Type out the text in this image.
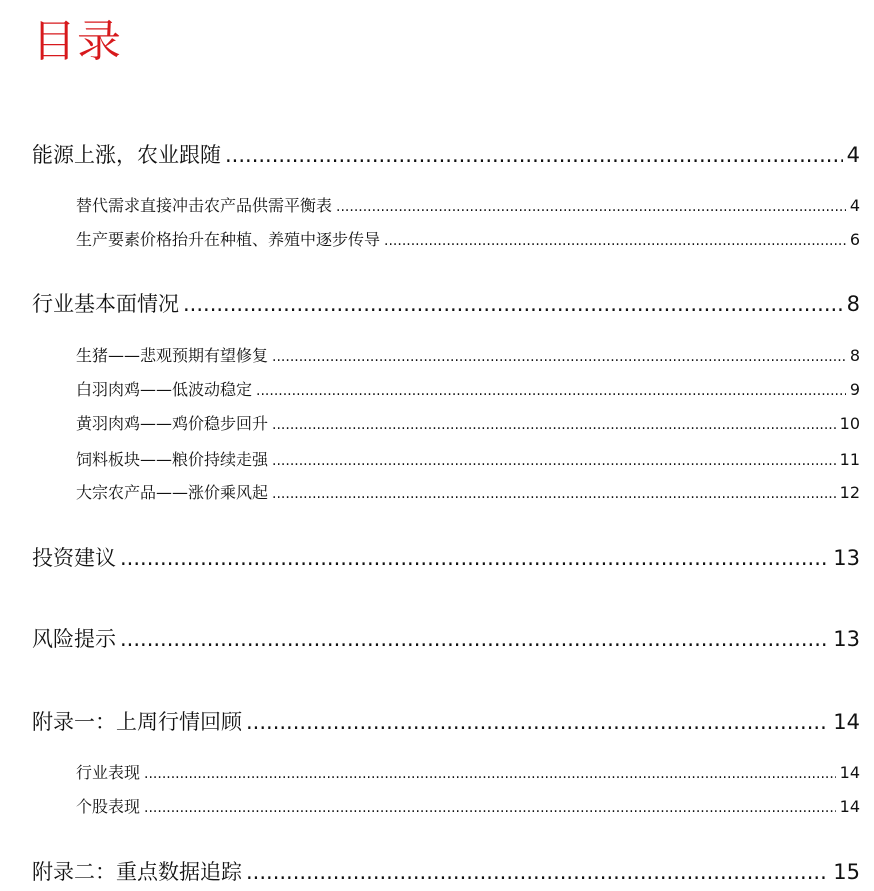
目录
能源上涨，农业跟随 .....	4
替代需求直接冲击农产品供需平衡表 .....	4
生产要素价格抬升在种植、养殖中逐步传导 .....	6
行业基本面情况 .....	8
生猪——悲观预期有望修复 .....	8
白羽肉鸡——低波动稳定 .....	9
黄羽肉鸡——鸡价稳步回升 .....	10
饲料板块——粮价持续走强 .....	11
大宗农产品——涨价乘风起 .....	12
投资建议 .....	13
风险提示 .....	13
附录一：上周行情回顾 .....	14
行业表现 .....	14
个股表现 .....	14
附录二：重点数据追踪 .....	15
